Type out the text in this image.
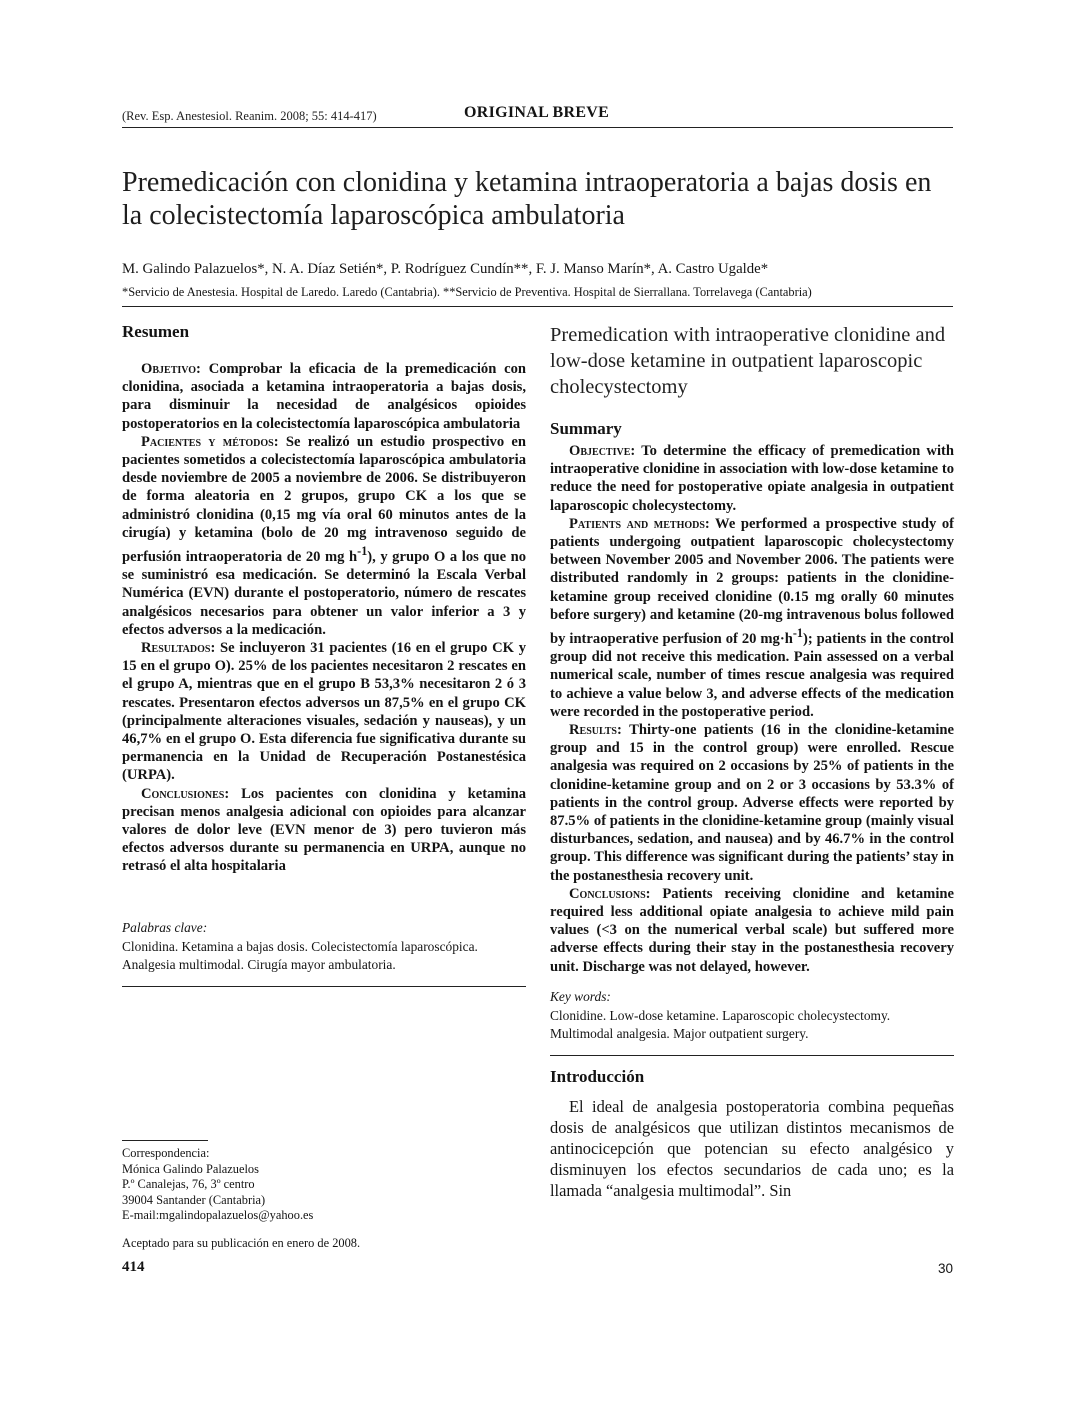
(Rev. Esp. Anestesiol. Reanim. 2008; 55: 414-417)	ORIGINAL BREVE
Premedicación con clonidina y ketamina intraoperatoria a bajas dosis en la colecistectomía laparoscópica ambulatoria
M. Galindo Palazuelos*, N. A. Díaz Setién*, P. Rodríguez Cundín**, F. J. Manso Marín*, A. Castro Ugalde*
*Servicio de Anestesia. Hospital de Laredo. Laredo (Cantabria). **Servicio de Preventiva. Hospital de Sierrallana. Torrelavega (Cantabria)
Resumen

Objetivo: Comprobar la eficacia de la premedicación con clonidina, asociada a ketamina intraoperatoria a bajas dosis, para disminuir la necesidad de analgésicos opioides postoperatorios en la colecistectomía laparoscópica ambulatoria

Pacientes y métodos: Se realizó un estudio prospectivo en pacientes sometidos a colecistectomía laparoscópica ambulatoria desde noviembre de 2005 a noviembre de 2006. Se distribuyeron de forma aleatoria en 2 grupos, grupo CK a los que se administró clonidina (0,15 mg vía oral 60 minutos antes de la cirugía) y ketamina (bolo de 20 mg intravenoso seguido de perfusión intraoperatoria de 20 mg $h^{-1}$), y grupo O a los que no se suministró esa medicación. Se determinó la Escala Verbal Numérica (EVN) durante el postoperatorio, número de rescates analgésicos necesarios para obtener un valor inferior a 3 y efectos adversos a la medicación.

Resultados: Se incluyeron 31 pacientes (16 en el grupo CK y 15 en el grupo O). 25% de los pacientes necesitaron 2 rescates en el grupo A, mientras que en el grupo B 53,3% necesitaron 2 ó 3 rescates. Presentaron efectos adversos un 87,5% en el grupo CK (principalmente alteraciones visuales, sedación y nauseas), y un 46,7% en el grupo O. Esta diferencia fue significativa durante su permanencia en la Unidad de Recuperación Postanestésica (URPA).

Conclusiones: Los pacientes con clonidina y ketamina precisan menos analgesia adicional con opioides para alcanzar valores de dolor leve (EVN menor de 3) pero tuvieron más efectos adversos durante su permanencia en URPA, aunque no retrasó el alta hospitalaria

Palabras clave:

Clonidina. Ketamina a bajas dosis. Colecistectomía laparoscópica. Analgesia multimodal. Cirugía mayor ambulatoria.

Premedication with intraoperative clonidine and low-dose ketamine in outpatient laparoscopic cholecystectomy
Summary

Objective: To determine the efficacy of premedication with intraoperative clonidine in association with low-dose ketamine to reduce the need for postoperative opiate analgesia in outpatient laparoscopic cholecystectomy.

Patients and methods: We performed a prospective study of patients undergoing outpatient laparoscopic cholecystectomy between November 2005 and November 2006. The patients were distributed randomly in 2 groups: patients in the clonidine-ketamine group received clonidine (0.15 mg orally 60 minutes before surgery) and ketamine (20-mg intravenous bolus followed by intraoperative perfusion of 20 $mg\cdot h^{-1}$); patients in the control group did not receive this medication. Pain assessed on a verbal numerical scale, number of times rescue analgesia was required to achieve a value below 3, and adverse effects of the medication were recorded in the postoperative period.

Results: Thirty-one patients (16 in the clonidine-ketamine group and 15 in the control group) were enrolled. Rescue analgesia was required on 2 occasions by 25% of patients in the clonidine-ketamine group and on 2 or 3 occasions by 53.3% of patients in the control group. Adverse effects were reported by 87.5% of patients in the clonidine-ketamine group (mainly visual disturbances, sedation, and nausea) and by 46.7% in the control group. This difference was significant during the patients’ stay in the postanesthesia recovery unit.

Conclusions: Patients receiving clonidine and ketamine required less additional opiate analgesia to achieve mild pain values (<3 on the numerical verbal scale) but suffered more adverse effects during their stay in the postanesthesia recovery unit. Discharge was not delayed, however.

Key words:

Clonidine. Low-dose ketamine. Laparoscopic cholecystectomy. Multimodal analgesia. Major outpatient surgery.

Introducción

El ideal de analgesia postoperatoria combina pequeñas dosis de analgésicos que utilizan distintos mecanismos de antinocicepción que potencian su efecto analgésico y disminuyen los efectos secundarios de cada uno; es la llamada “analgesia multimodal”. Sin

Correspondencia:

Mónica Galindo Palazuelos

P.º Canalejas, 76, 3º centro

39004 Santander (Cantabria)

E-mail:mgalindopalazuelos@yahoo.es

Aceptado para su publicación en enero de 2008.

414	30
